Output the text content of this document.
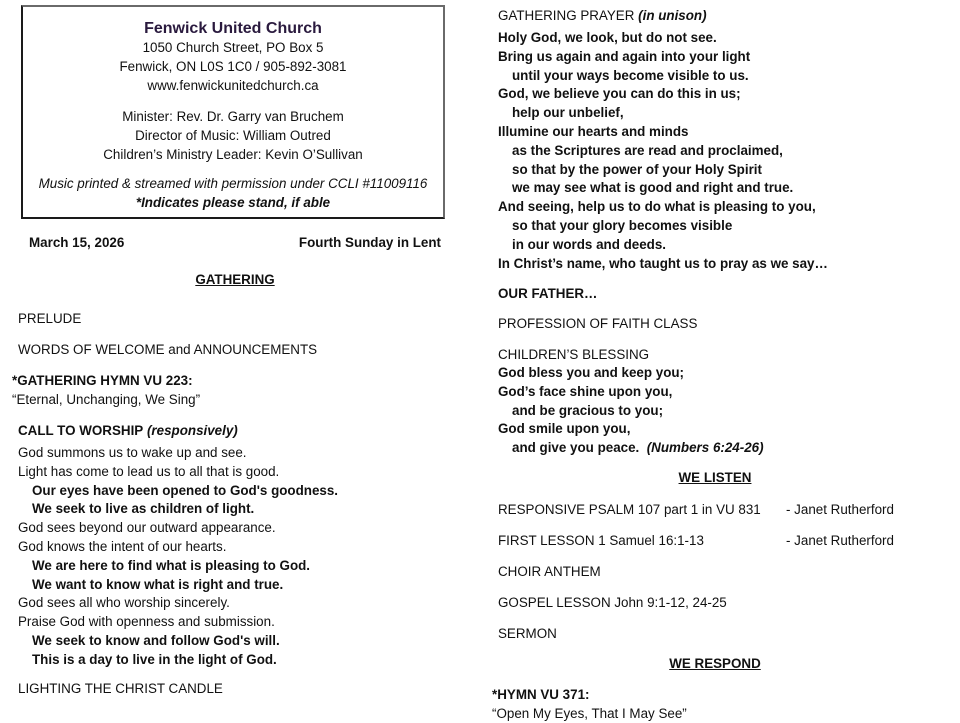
Fenwick United Church
1050 Church Street, PO Box 5
Fenwick, ON L0S 1C0 / 905-892-3081
www.fenwickunitedchurch.ca
Minister: Rev. Dr. Garry van Bruchem
Director of Music: William Outred
Children’s Ministry Leader: Kevin O’Sullivan
Music printed & streamed with permission under CCLI #11009116
*Indicates please stand, if able
March 15, 2026	Fourth Sunday in Lent
GATHERING
PRELUDE
WORDS OF WELCOME and ANNOUNCEMENTS
*GATHERING HYMN VU 223:
“Eternal, Unchanging, We Sing”
CALL TO WORSHIP (responsively)
God summons us to wake up and see.
Light has come to lead us to all that is good.
Our eyes have been opened to God's goodness.
We seek to live as children of light.
God sees beyond our outward appearance.
God knows the intent of our hearts.
We are here to find what is pleasing to God.
We want to know what is right and true.
God sees all who worship sincerely.
Praise God with openness and submission.
We seek to know and follow God's will.
This is a day to live in the light of God.
LIGHTING THE CHRIST CANDLE
GATHERING PRAYER (in unison)
Holy God, we look, but do not see.
Bring us again and again into your light
until your ways become visible to us.
God, we believe you can do this in us;
help our unbelief,
Illumine our hearts and minds
as the Scriptures are read and proclaimed,
so that by the power of your Holy Spirit
we may see what is good and right and true.
And seeing, help us to do what is pleasing to you,
so that your glory becomes visible
in our words and deeds.
In Christ’s name, who taught us to pray as we say…
OUR FATHER…
PROFESSION OF FAITH CLASS
CHILDREN’S BLESSING
God bless you and keep you;
God’s face shine upon you,
and be gracious to you;
God smile upon you,
and give you peace. (Numbers 6:24-26)
WE LISTEN
RESPONSIVE PSALM 107 part 1 in VU 831 - Janet Rutherford
FIRST LESSON 1 Samuel 16:1-13	- Janet Rutherford
CHOIR ANTHEM
GOSPEL LESSON John 9:1-12, 24-25
SERMON
WE RESPOND
*HYMN VU 371:
“Open My Eyes, That I May See”
